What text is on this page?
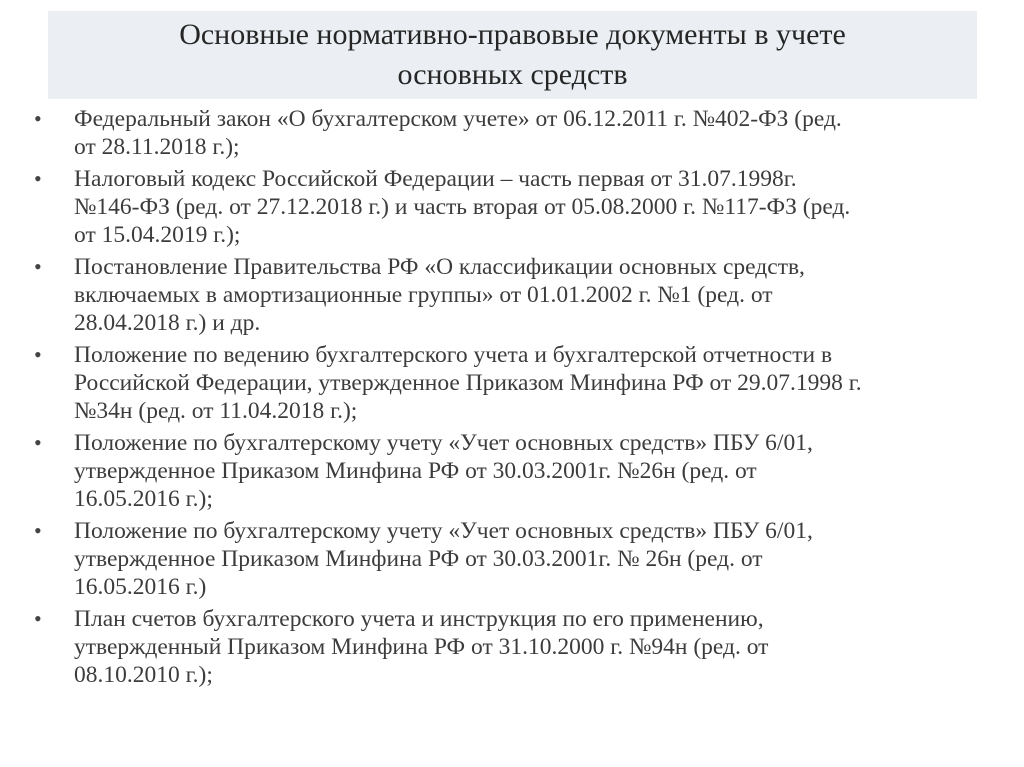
Основные нормативно-правовые документы в учете
основных средств
• Федеральный закон «О бухгалтерском учете» от 06.12.2011 г. №402-ФЗ (ред.
от 28.11.2018 г.);
• Налоговый кодекс Российской Федерации – часть первая от 31.07.1998г.
№146-ФЗ (ред. от 27.12.2018 г.) и часть вторая от 05.08.2000 г. №117-ФЗ (ред.
от 15.04.2019 г.);
• Постановление Правительства РФ «О классификации основных средств,
включаемых в амортизационные группы» от 01.01.2002 г. №1 (ред. от
28.04.2018 г.) и др.
• Положение по ведению бухгалтерского учета и бухгалтерской отчетности в
Российской Федерации, утвержденное Приказом Минфина РФ от 29.07.1998 г.
№34н (ред. от 11.04.2018 г.);
• Положение по бухгалтерскому учету «Учет основных средств» ПБУ 6/01,
утвержденное Приказом Минфина РФ от 30.03.2001г. №26н (ред. от
16.05.2016 г.);
• Положение по бухгалтерскому учету «Учет основных средств» ПБУ 6/01,
утвержденное Приказом Минфина РФ от 30.03.2001г. № 26н (ред. от
16.05.2016 г.)
• План счетов бухгалтерского учета и инструкция по его применению,
утвержденный Приказом Минфина РФ от 31.10.2000 г. №94н (ред. от
08.10.2010 г.);
